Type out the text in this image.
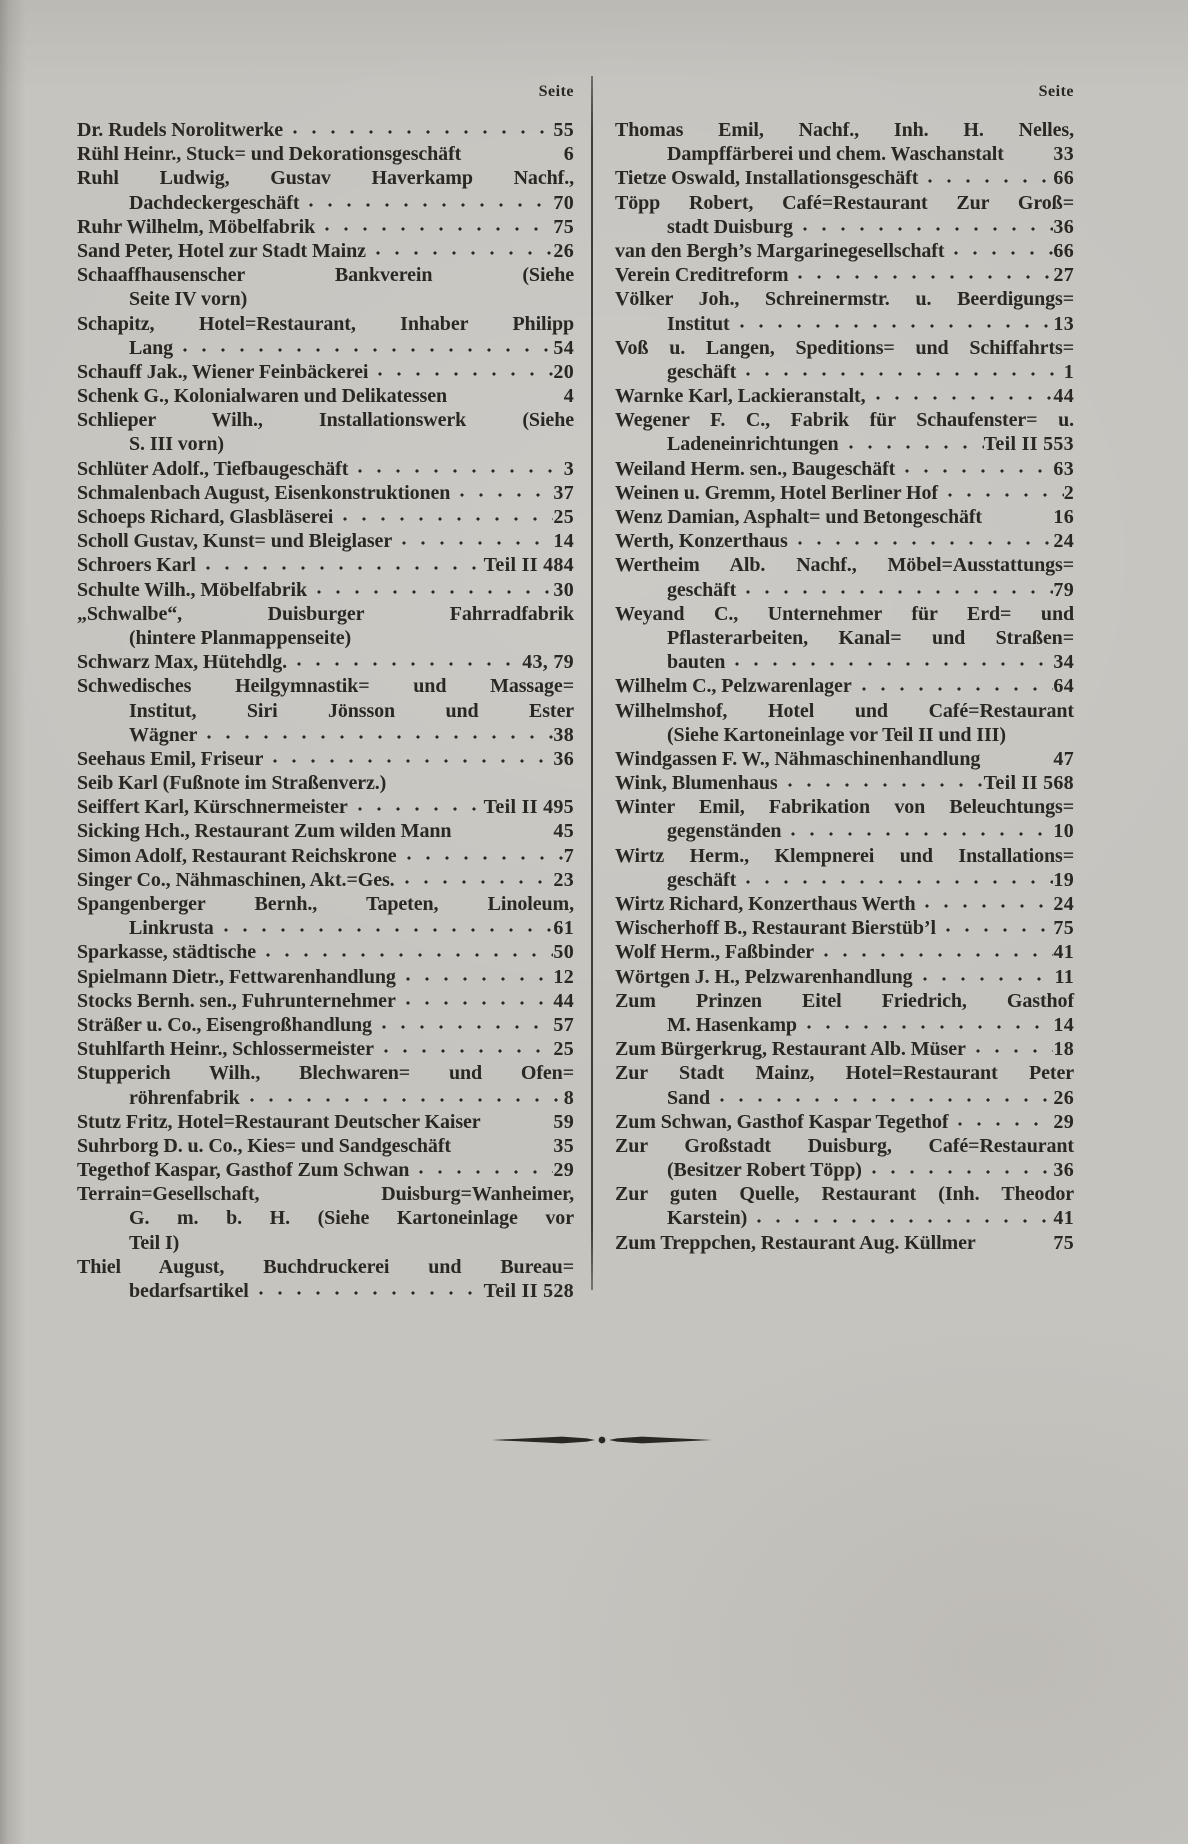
Seite
Dr. Rudels Norolitwerke	55
Rühl Heinr., Stuck= und Dekorationsgeschäft	6
Ruhl Ludwig, Gustav Haverkamp Nachf.,
Dachdeckergeschäft	70
Ruhr Wilhelm, Möbelfabrik	75
Sand Peter, Hotel zur Stadt Mainz	26
Schaaffhausenscher Bankverein (Siehe
Seite IV vorn)
Schapitz, Hotel=Restaurant, Inhaber Philipp
Lang	54
Schauff Jak., Wiener Feinbäckerei	20
Schenk G., Kolonialwaren und Delikatessen	4
Schlieper Wilh., Installationswerk (Siehe
S. III vorn)
Schlüter Adolf., Tiefbaugeschäft	3
Schmalenbach August, Eisenkonstruktionen	37
Schoeps Richard, Glasbläserei	25
Scholl Gustav, Kunst= und Bleiglaser	14
Schroers Karl	Teil II 484
Schulte Wilh., Möbelfabrik	30
„Schwalbe“, Duisburger Fahrradfabrik
(hintere Planmappenseite)
Schwarz Max, Hütehdlg.	43, 79
Schwedisches Heilgymnastik= und Massage=
Institut, Siri Jönsson und Ester
Wägner	38
Seehaus Emil, Friseur	36
Seib Karl (Fußnote im Straßenverz.)
Seiffert Karl, Kürschnermeister	Teil II 495
Sicking Hch., Restaurant Zum wilden Mann	45
Simon Adolf, Restaurant Reichskrone	7
Singer Co., Nähmaschinen, Akt.=Ges.	23
Spangenberger Bernh., Tapeten, Linoleum,
Linkrusta	61
Sparkasse, städtische	50
Spielmann Dietr., Fettwarenhandlung	12
Stocks Bernh. sen., Fuhrunternehmer	44
Sträßer u. Co., Eisengroßhandlung	57
Stuhlfarth Heinr., Schlossermeister	25
Stupperich Wilh., Blechwaren= und Ofen=
röhrenfabrik	8
Stutz Fritz, Hotel=Restaurant Deutscher Kaiser	59
Suhrborg D. u. Co., Kies= und Sandgeschäft	35
Tegethof Kaspar, Gasthof Zum Schwan	29
Terrain=Gesellschaft, Duisburg=Wanheimer,
G. m. b. H. (Siehe Kartoneinlage vor
Teil I)
Thiel August, Buchdruckerei und Bureau=
bedarfsartikel	Teil II 528
Seite
Thomas Emil, Nachf., Inh. H. Nelles,
Dampffärberei und chem. Waschanstalt 33
Tietze Oswald, Installationsgeschäft	66
Töpp Robert, Café=Restaurant Zur Groß=
stadt Duisburg	36
van den Bergh’s Margarinegesellschaft	66
Verein Creditreform	27
Völker Joh., Schreinermstr. u. Beerdigungs=
Institut	13
Voß u. Langen, Speditions= und Schiffahrts=
geschäft	1
Warnke Karl, Lackieranstalt,	44
Wegener F. C., Fabrik für Schaufenster= u.
Ladeneinrichtungen	Teil II 553
Weiland Herm. sen., Baugeschäft	63
Weinen u. Gremm, Hotel Berliner Hof	2
Wenz Damian, Asphalt= und Betongeschäft	16
Werth, Konzerthaus	24
Wertheim Alb. Nachf., Möbel=Ausstattungs=
geschäft	79
Weyand C., Unternehmer für Erd= und
Pflasterarbeiten, Kanal= und Straßen=
bauten	34
Wilhelm C., Pelzwarenlager	64
Wilhelmshof, Hotel und Café=Restaurant
(Siehe Kartoneinlage vor Teil II und III)
Windgassen F. W., Nähmaschinenhandlung	47
Wink, Blumenhaus	Teil II 568
Winter Emil, Fabrikation von Beleuchtungs=
gegenständen	10
Wirtz Herm., Klempnerei und Installations=
geschäft	19
Wirtz Richard, Konzerthaus Werth	24
Wischerhoff B., Restaurant Bierstüb’l	75
Wolf Herm., Faßbinder	41
Wörtgen J. H., Pelzwarenhandlung	11
Zum Prinzen Eitel Friedrich, Gasthof
M. Hasenkamp	14
Zum Bürgerkrug, Restaurant Alb. Müser	18
Zur Stadt Mainz, Hotel=Restaurant Peter
Sand	26
Zum Schwan, Gasthof Kaspar Tegethof	29
Zur Großstadt Duisburg, Café=Restaurant
(Besitzer Robert Töpp)	36
Zur guten Quelle, Restaurant (Inh. Theodor
Karstein)	41
Zum Treppchen, Restaurant Aug. Küllmer	75
